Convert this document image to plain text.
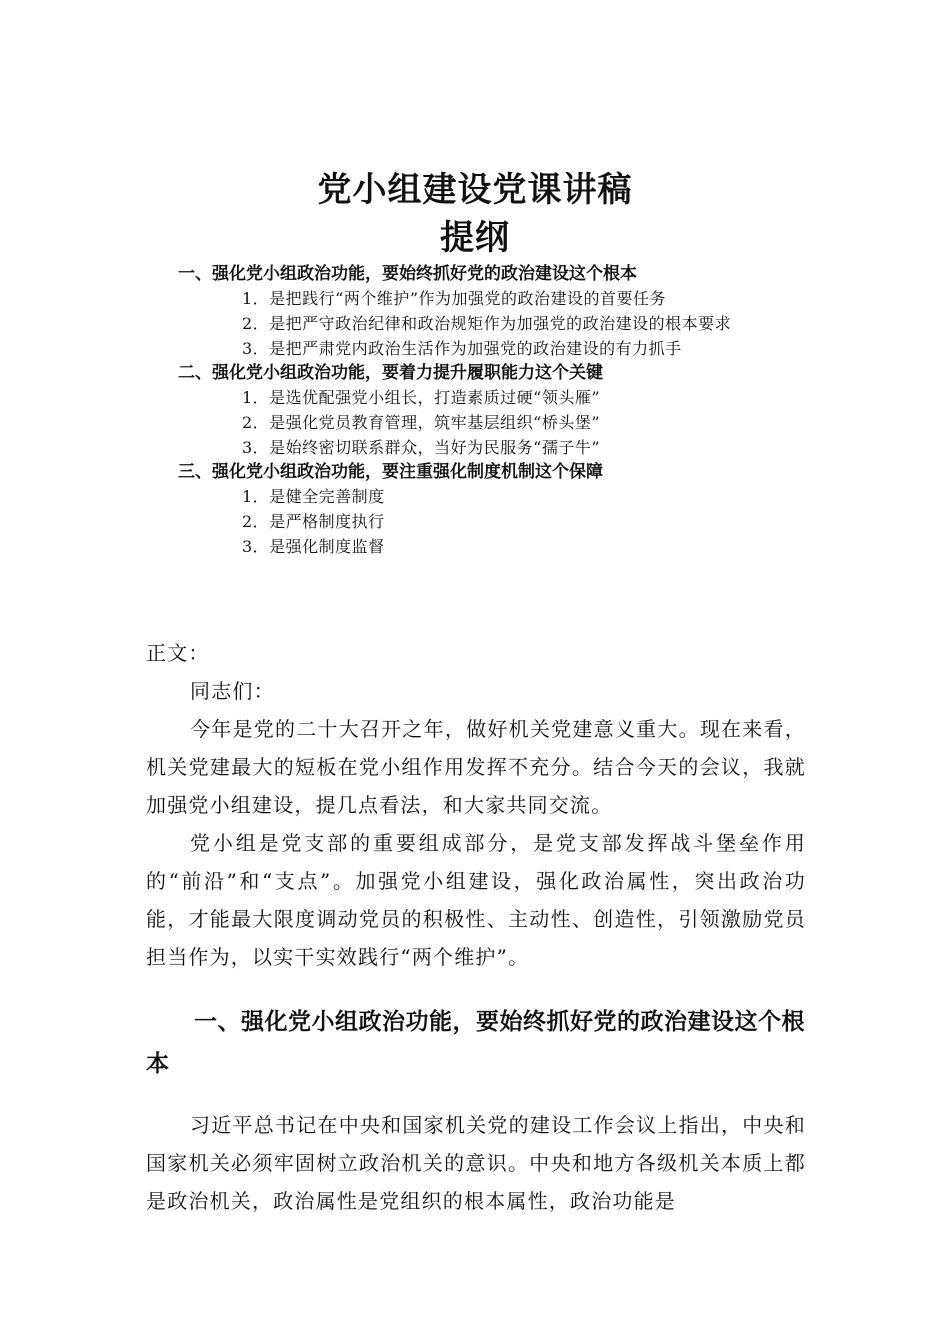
党小组建设党课讲稿
提纲
一、强化党小组政治功能，要始终抓好党的政治建设这个根本
1．是把践行“两个维护”作为加强党的政治建设的首要任务
2．是把严守政治纪律和政治规矩作为加强党的政治建设的根本要求
3．是把严肃党内政治生活作为加强党的政治建设的有力抓手
二、强化党小组政治功能，要着力提升履职能力这个关键
1．是选优配强党小组长，打造素质过硬“领头雁”
2．是强化党员教育管理，筑牢基层组织“桥头堡”
3．是始终密切联系群众，当好为民服务“孺子牛”
三、强化党小组政治功能，要注重强化制度机制这个保障
1．是健全完善制度
2．是严格制度执行
3．是强化制度监督

正文：

同志们：

今年是党的二十大召开之年，做好机关党建意义重大。现在来看，机关党建最大的短板在党小组作用发挥不充分。结合今天的会议，我就加强党小组建设，提几点看法，和大家共同交流。

党小组是党支部的重要组成部分，是党支部发挥战斗堡垒作用的“前沿”和“支点”。加强党小组建设，强化政治属性，突出政治功能，才能最大限度调动党员的积极性、主动性、创造性，引领激励党员担当作为，以实干实效践行“两个维护”。

一、强化党小组政治功能，要始终抓好党的政治建设这个根本

习近平总书记在中央和国家机关党的建设工作会议上指出，中央和国家机关必须牢固树立政治机关的意识。中央和地方各级机关本质上都是政治机关，政治属性是党组织的根本属性，政治功能是
